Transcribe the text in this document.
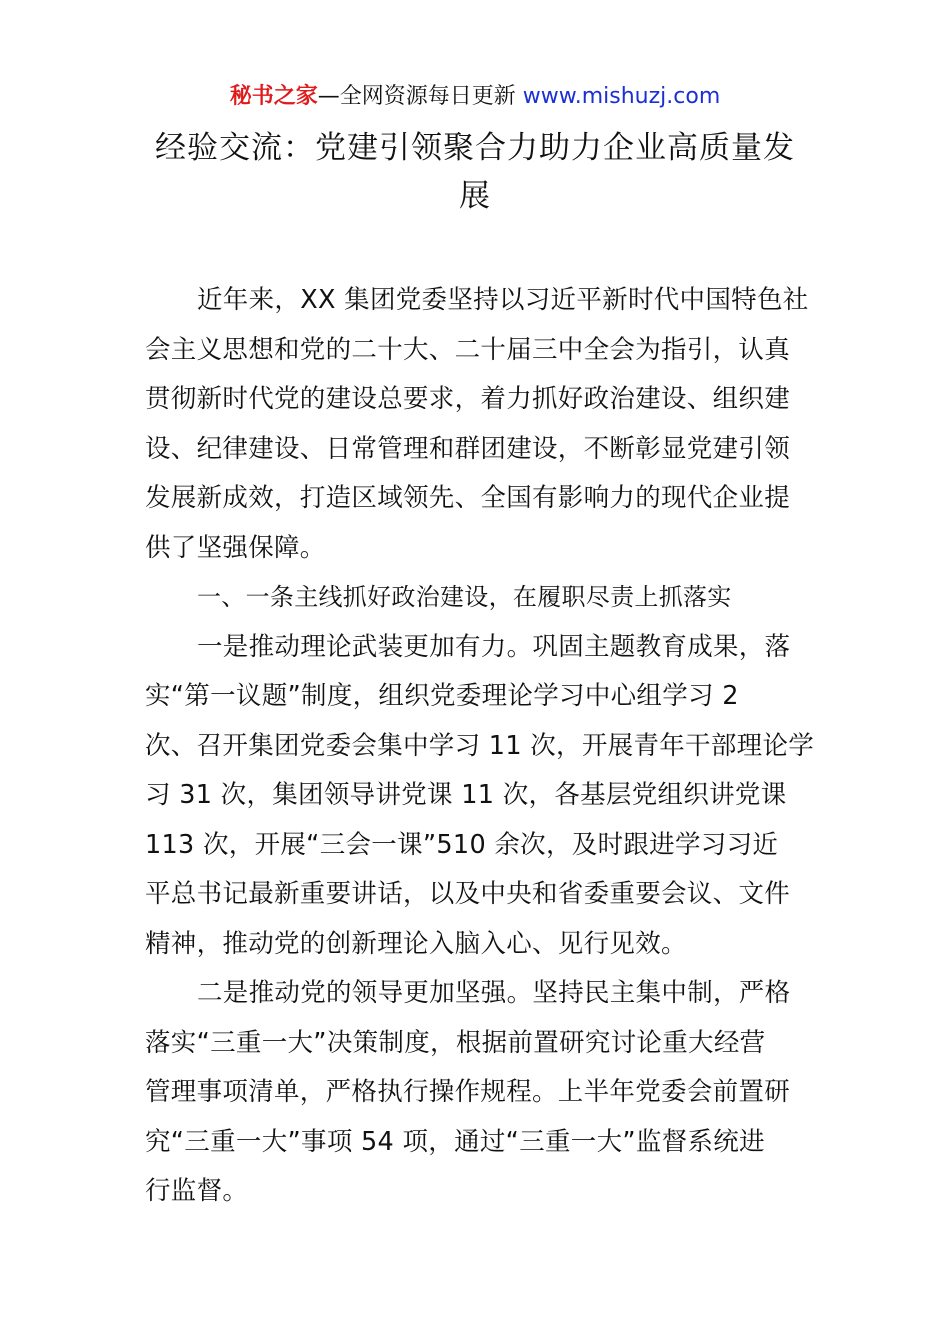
秘书之家—全网资源每日更新 www.mishuzj.com
经验交流：党建引领聚合力助力企业高质量发展

近年来，XX 集团党委坚持以习近平新时代中国特色社
会主义思想和党的二十大、二十届三中全会为指引，认真
贯彻新时代党的建设总要求，着力抓好政治建设、组织建
设、纪律建设、日常管理和群团建设，不断彰显党建引领
发展新成效，打造区域领先、全国有影响力的现代企业提
供了坚强保障。

一、一条主线抓好政治建设，在履职尽责上抓落实

一是推动理论武装更加有力。巩固主题教育成果，落
实“第一议题”制度，组织党委理论学习中心组学习 2
次、召开集团党委会集中学习 11 次，开展青年干部理论学
习 31 次，集团领导讲党课 11 次，各基层党组织讲党课
113 次，开展“三会一课”510 余次，及时跟进学习习近
平总书记最新重要讲话，以及中央和省委重要会议、文件
精神，推动党的创新理论入脑入心、见行见效。

二是推动党的领导更加坚强。坚持民主集中制，严格
落实“三重一大”决策制度，根据前置研究讨论重大经营
管理事项清单，严格执行操作规程。上半年党委会前置研
究“三重一大”事项 54 项，通过“三重一大”监督系统进
行监督。
